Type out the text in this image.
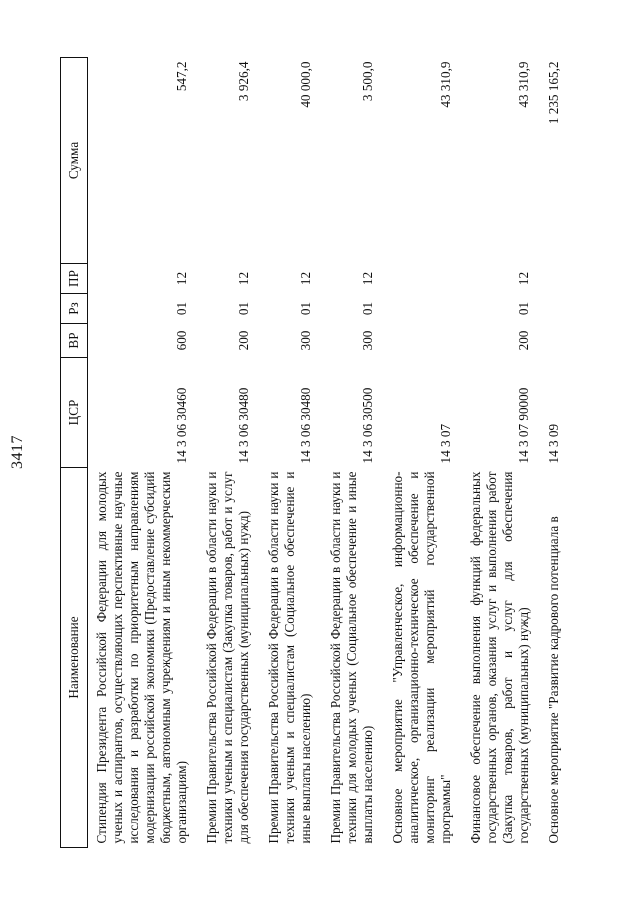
3417
Наименование	ЦСР	ВР	Рз	ПР	Сумма
Стипендия Президента Российской Федерации для молодых ученых и аспирантов, осуществляющих перспективные научные исследования и разработки по приоритетным направлениям модернизации российской экономики (Предоставление субсидий бюджетным, автономным учреждениям и иным некоммерческим организациям)	14 3 06 30460	600	01	12	547,2
Премии Правительства Российской Федерации в области науки и техники ученым и специалистам (Закупка товаров, работ и услуг для обеспечения государственных (муниципальных) нужд)	14 3 06 30480	200	01	12	3 926,4
Премии Правительства Российской Федерации в области науки и техники ученым и специалистам (Социальное обеспечение и иные выплаты населению)	14 3 06 30480	300	01	12	40 000,0
Премии Правительства Российской Федерации в области науки и техники для молодых ученых (Социальное обеспечение и иные выплаты населению)	14 3 06 30500	300	01	12	3 500,0
Основное мероприятие "Управленческое, информационно-аналитическое, организационно-техническое обеспечение и мониторинг реализации мероприятий государственной программы"	14 3 07				43 310,9
Финансовое обеспечение выполнения функций федеральных государственных органов, оказания услуг и выполнения работ (Закупка товаров, работ и услуг для обеспечения государственных (муниципальных) нужд)	14 3 07 90000	200	01	12	43 310,9
Основное мероприятие "Развитие кадрового потенциала в	14 3 09				1 235 165,2
